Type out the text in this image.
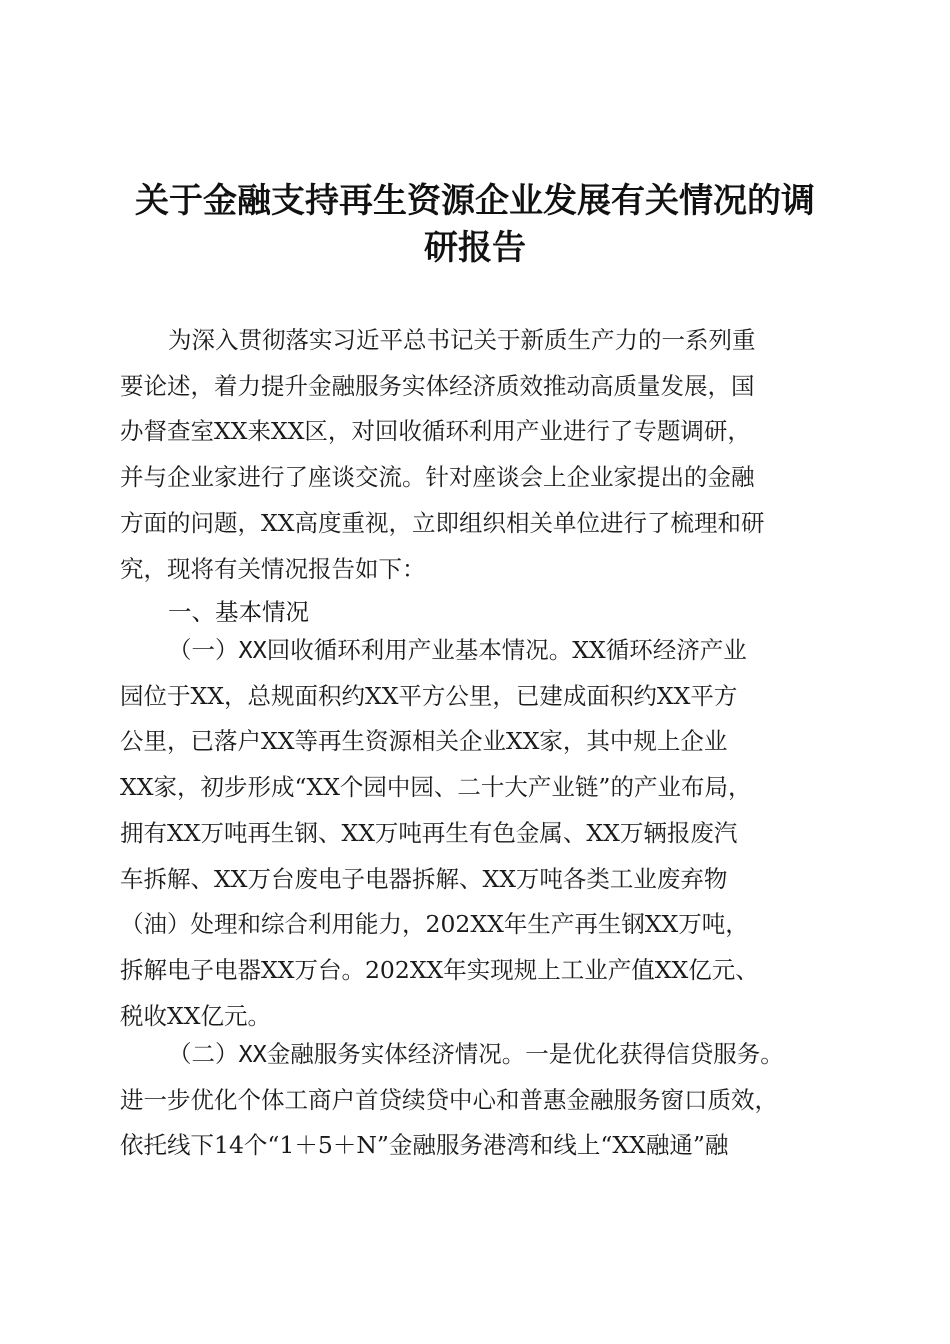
关于金融支持再生资源企业发展有关情况的调
研报告
为深入贯彻落实习近平总书记关于新质生产力的一系列重
要论述，着力提升金融服务实体经济质效推动高质量发展，国
办督查室XX来XX区，对回收循环利用产业进行了专题调研，
并与企业家进行了座谈交流。针对座谈会上企业家提出的金融
方面的问题，XX高度重视，立即组织相关单位进行了梳理和研
究，现将有关情况报告如下：
一、基本情况
（一）XX回收循环利用产业基本情况。XX循环经济产业
园位于XX，总规面积约XX平方公里，已建成面积约XX平方
公里，已落户XX等再生资源相关企业XX家，其中规上企业
XX家，初步形成“XX个园中园、二十大产业链”的产业布局，
拥有XX万吨再生钢、XX万吨再生有色金属、XX万辆报废汽
车拆解、XX万台废电子电器拆解、XX万吨各类工业废弃物
（油）处理和综合利用能力，202XX年生产再生钢XX万吨，
拆解电子电器XX万台。202XX年实现规上工业产值XX亿元、
税收XX亿元。
（二）XX金融服务实体经济情况。一是优化获得信贷服务。
进一步优化个体工商户首贷续贷中心和普惠金融服务窗口质效，
依托线下14个“1＋5＋N”金融服务港湾和线上“XX融通”融
